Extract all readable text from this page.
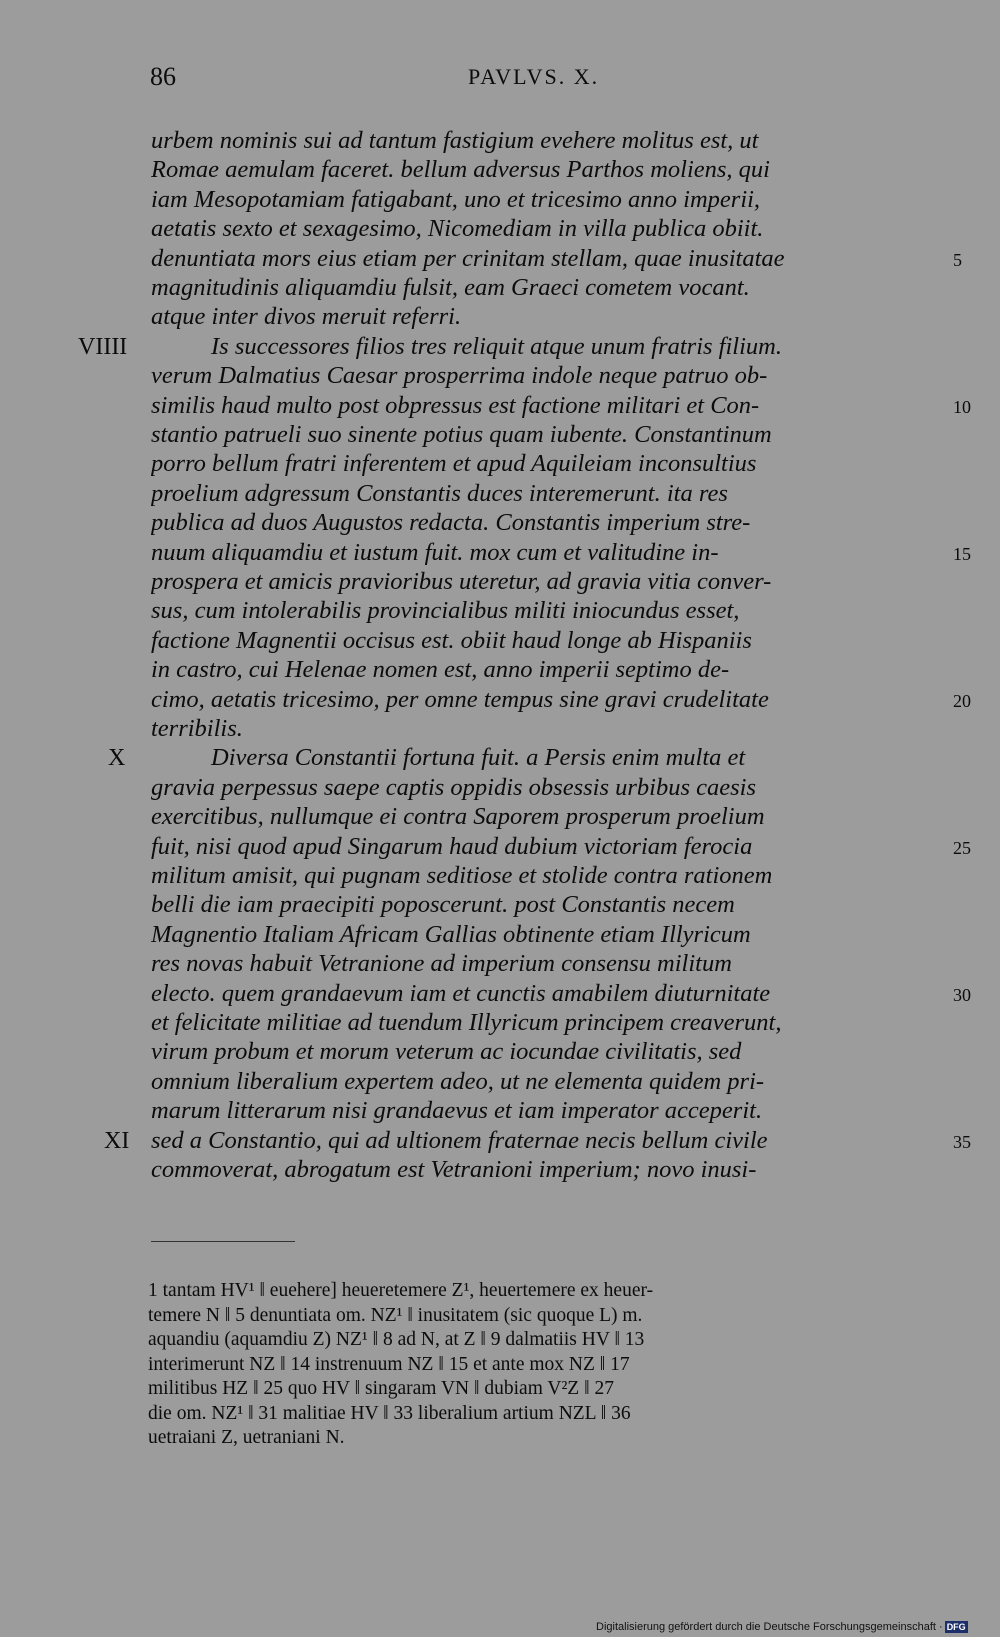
86	PAVLVS. X.
urbem nominis sui ad tantum fastigium evehere molitus est, ut
Romae aemulam faceret. bellum adversus Parthos moliens, qui
iam Mesopotamiam fatigabant, uno et tricesimo anno imperii,
aetatis sexto et sexagesimo, Nicomediam in villa publica obiit.
denuntiata mors eius etiam per crinitam stellam, quae inusitatae
magnitudinis aliquamdiu fulsit, eam Graeci cometem vocant.
atque inter divos meruit referri.
Is successores filios tres reliquit atque unum fratris filium.
verum Dalmatius Caesar prosperrima indole neque patruo ob-
similis haud multo post obpressus est factione militari et Con-
stantio patrueli suo sinente potius quam iubente. Constantinum
porro bellum fratri inferentem et apud Aquileiam inconsultius
proelium adgressum Constantis duces interemerunt. ita res
publica ad duos Augustos redacta. Constantis imperium stre-
nuum aliquamdiu et iustum fuit. mox cum et valitudine in-
prospera et amicis pravioribus uteretur, ad gravia vitia conver-
sus, cum intolerabilis provincialibus militi iniocundus esset,
factione Magnentii occisus est. obiit haud longe ab Hispaniis
in castro, cui Helenae nomen est, anno imperii septimo de-
cimo, aetatis tricesimo, per omne tempus sine gravi crudelitate
terribilis.
Diversa Constantii fortuna fuit. a Persis enim multa et
gravia perpessus saepe captis oppidis obsessis urbibus caesis
exercitibus, nullumque ei contra Saporem prosperum proelium
fuit, nisi quod apud Singarum haud dubium victoriam ferocia
militum amisit, qui pugnam seditiose et stolide contra rationem
belli die iam praecipiti poposcerunt. post Constantis necem
Magnentio Italiam Africam Gallias obtinente etiam Illyricum
res novas habuit Vetranione ad imperium consensu militum
electo. quem grandaevum iam et cunctis amabilem diuturnitate
et felicitate militiae ad tuendum Illyricum principem creaverunt,
virum probum et morum veterum ac iocundae civilitatis, sed
omnium liberalium expertem adeo, ut ne elementa quidem pri-
marum litterarum nisi grandaevus et iam imperator acceperit.
sed a Constantio, qui ad ultionem fraternae necis bellum civile
commoverat, abrogatum est Vetranioni imperium; novo inusi-
VIIII
X
XI
5
10
15
20
25
30
35
1 tantam HV¹ ‖ euehere] heueretemere Z¹, heuertemere ex heuer-
temere N ‖ 5 denuntiata om. NZ¹ ‖ inusitatem (sic quoque L) m.
aquandiu (aquamdiu Z) NZ¹ ‖ 8 ad N, at Z ‖ 9 dalmatiis HV ‖ 13
interimerunt NZ ‖ 14 instrenuum NZ ‖ 15 et ante mox NZ ‖ 17
militibus HZ ‖ 25 quo HV ‖ singaram VN ‖ dubiam V²Z ‖ 27
die om. NZ¹ ‖ 31 malitiae HV ‖ 33 liberalium artium NZL ‖ 36
uetraiani Z, uetraniani N.
Digitalisierung gefördert durch die Deutsche Forschungsgemeinschaft · DFG
